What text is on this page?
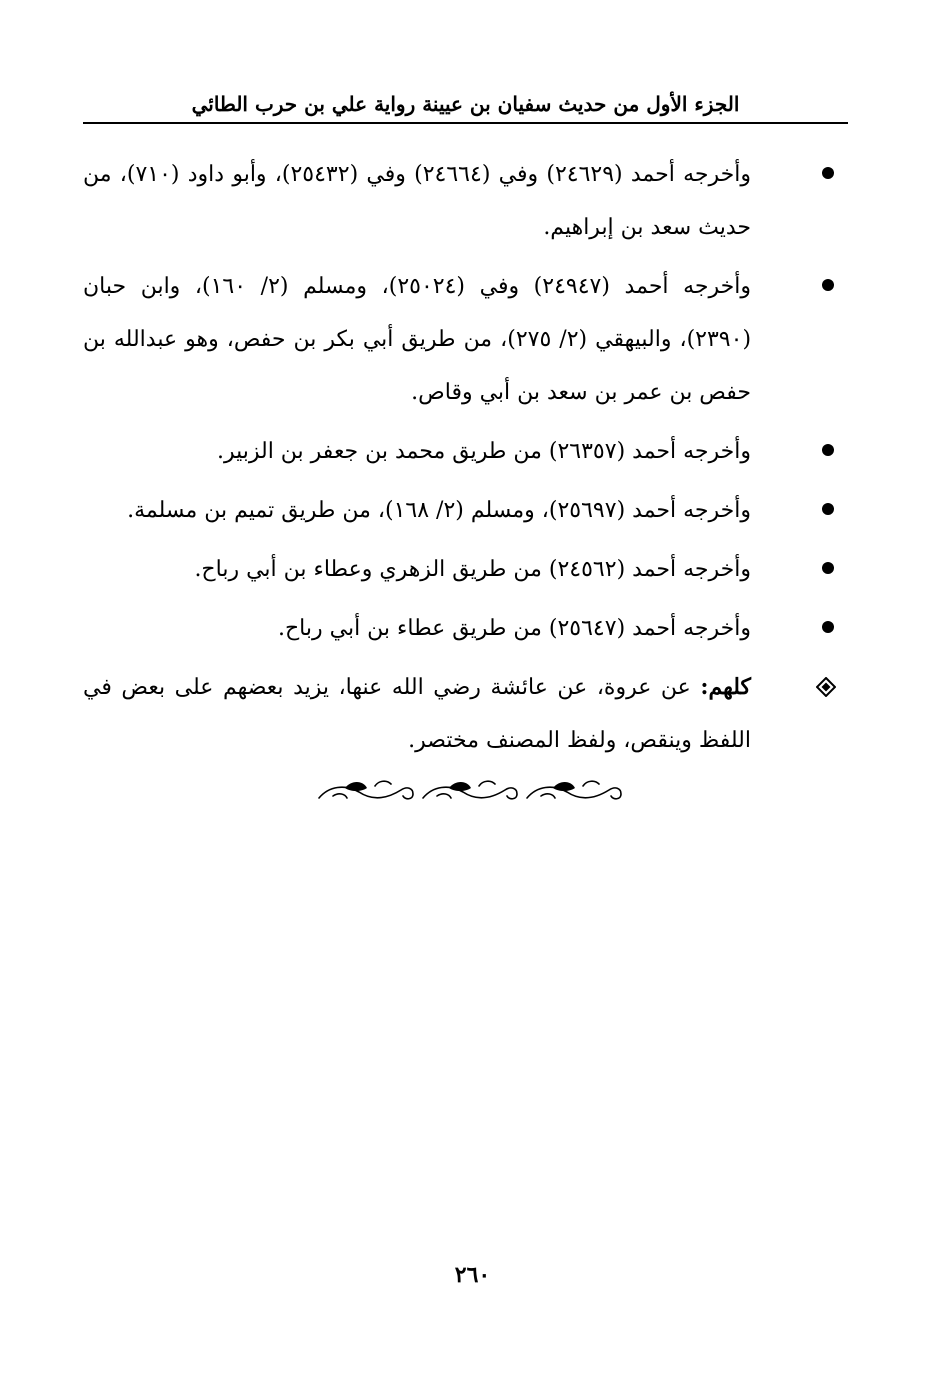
الجزء الأول من حديث سفيان بن عيينة رواية علي بن حرب الطائي
وأخرجه أحمد (٢٤٦٢٩) وفي (٢٤٦٦٤) وفي (٢٥٤٣٢)، وأبو داود (٧١٠)، من حديث سعد بن إبراهيم.
وأخرجه أحمد (٢٤٩٤٧) وفي (٢٥٠٢٤)، ومسلم (٢/ ١٦٠)، وابن حبان (٢٣٩٠)، والبيهقي (٢/ ٢٧٥)، من طريق أبي بكر بن حفص، وهو عبدالله بن حفص بن عمر بن سعد بن أبي وقاص.
وأخرجه أحمد (٢٦٣٥٧) من طريق محمد بن جعفر بن الزبير.
وأخرجه أحمد (٢٥٦٩٧)، ومسلم (٢/ ١٦٨)، من طريق تميم بن مسلمة.
وأخرجه أحمد (٢٤٥٦٢) من طريق الزهري وعطاء بن أبي رباح.
وأخرجه أحمد (٢٥٦٤٧) من طريق عطاء بن أبي رباح.
كلهم: عن عروة، عن عائشة رضي الله عنها، يزيد بعضهم على بعض في اللفظ وينقص، ولفظ المصنف مختصر.
٢٦٠
